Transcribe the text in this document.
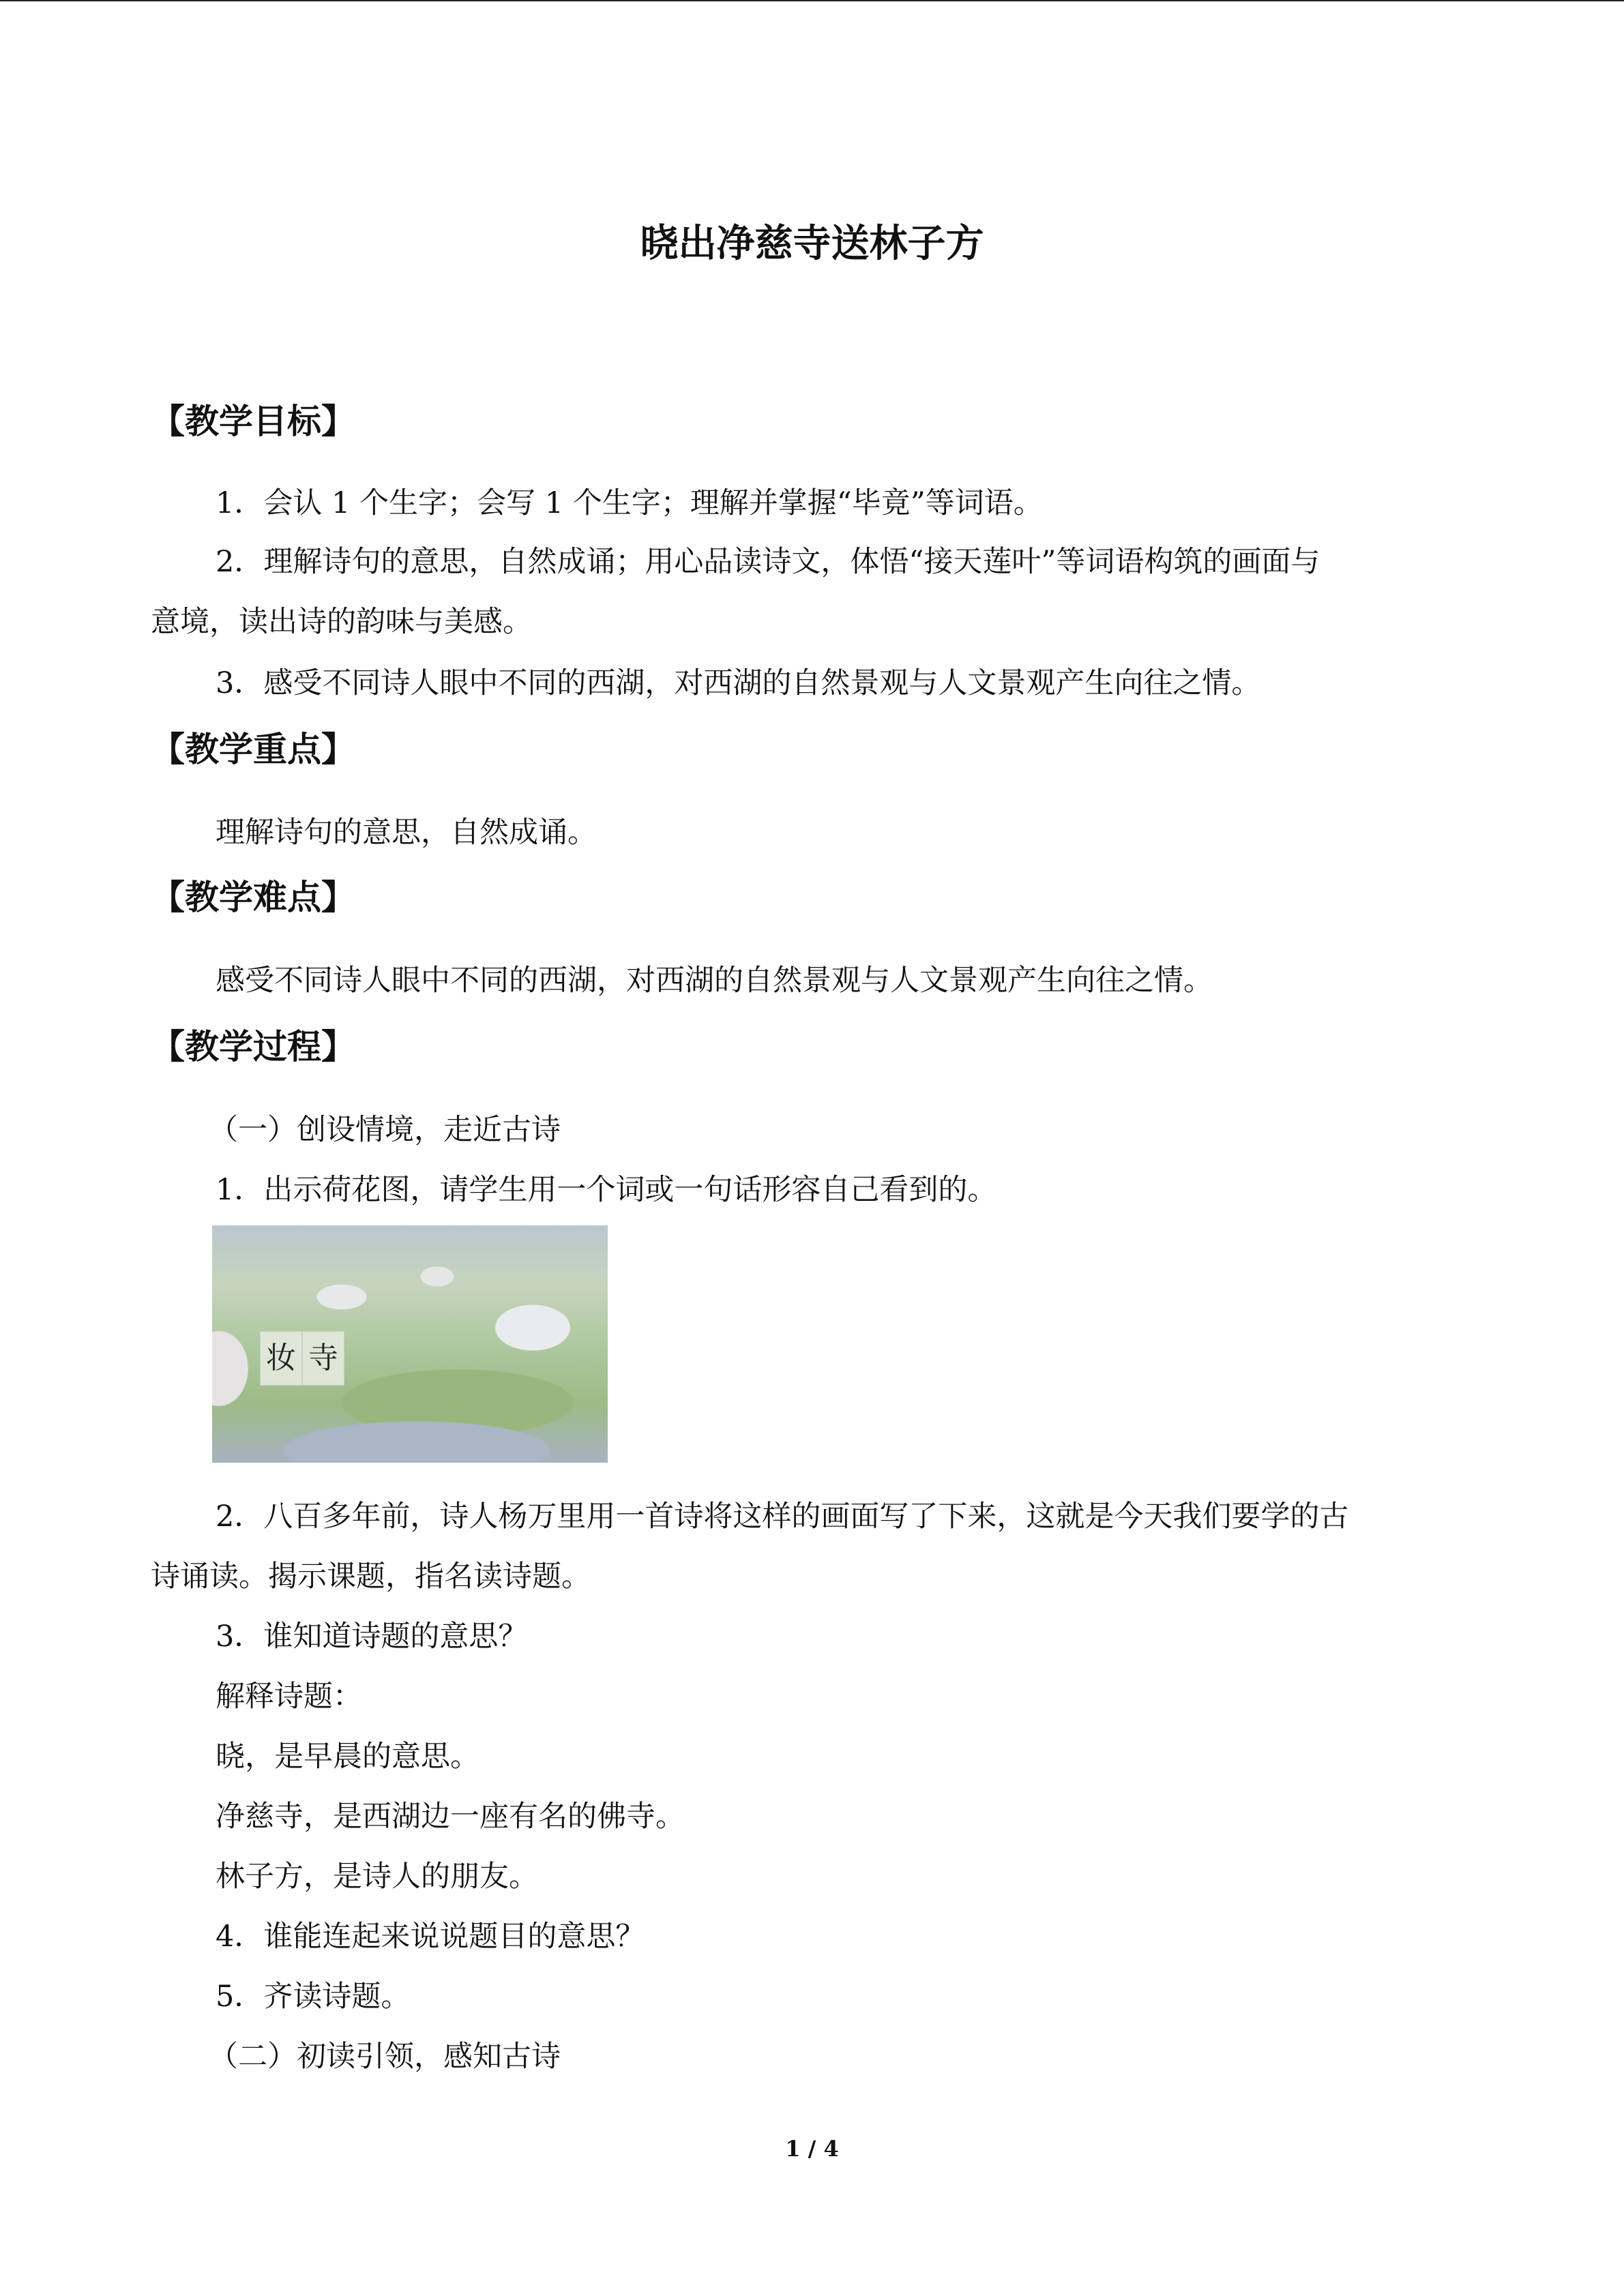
晓出净慈寺送林子方
【教学目标】
1．会认 1 个生字；会写 1 个生字；理解并掌握“毕竟”等词语。
2．理解诗句的意思，自然成诵；用心品读诗文，体悟“接天莲叶”等词语构筑的画面与
意境，读出诗的韵味与美感。
3．感受不同诗人眼中不同的西湖，对西湖的自然景观与人文景观产生向往之情。
【教学重点】
理解诗句的意思，自然成诵。
【教学难点】
感受不同诗人眼中不同的西湖，对西湖的自然景观与人文景观产生向往之情。
【教学过程】
（一）创设情境，走近古诗
1．出示荷花图，请学生用一个词或一句话形容自己看到的。
妆 寺
2．八百多年前，诗人杨万里用一首诗将这样的画面写了下来，这就是今天我们要学的古
诗诵读。揭示课题，指名读诗题。
3．谁知道诗题的意思？
解释诗题：
晓，是早晨的意思。
净慈寺，是西湖边一座有名的佛寺。
林子方，是诗人的朋友。
4．谁能连起来说说题目的意思？
5．齐读诗题。
（二）初读引领，感知古诗
1 / 4
